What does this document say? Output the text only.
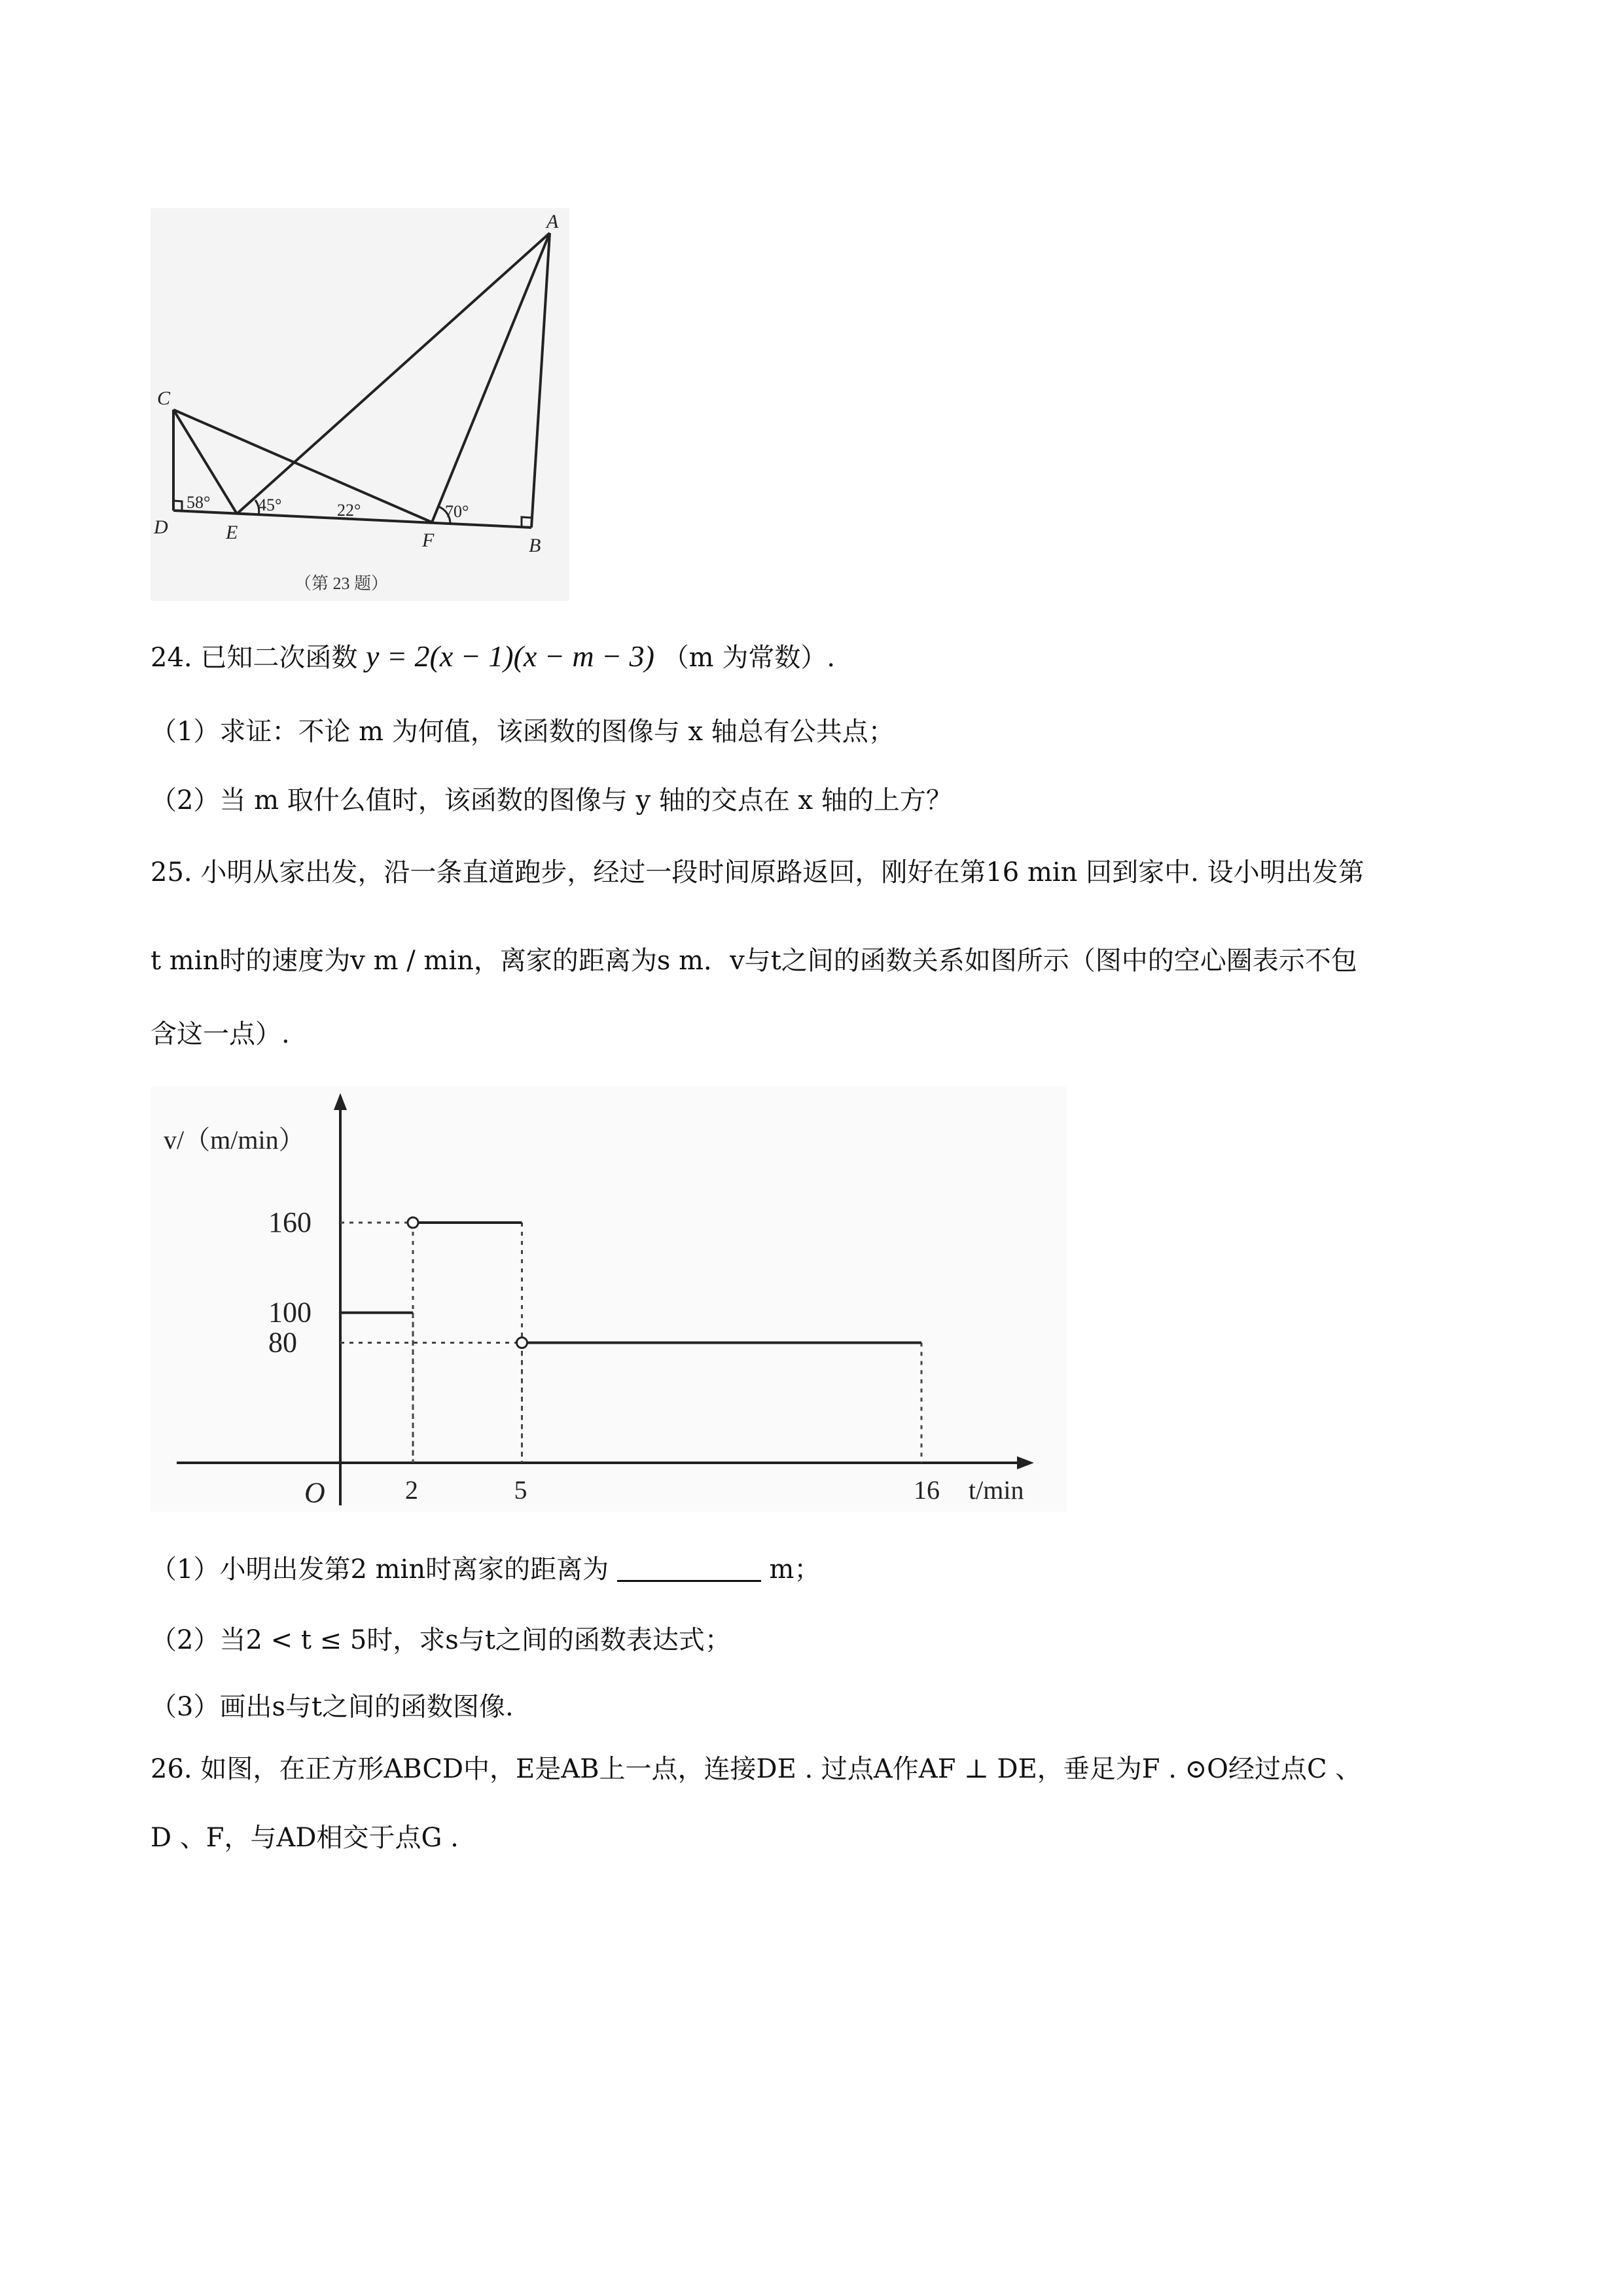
A
C
D	E	F	B
58°	45°	22°	70°
（第 23 题）
24. 已知二次函数 y = 2(x − 1)(x − m − 3) （m 为常数）.
（1）求证：不论 m 为何值，该函数的图像与 x 轴总有公共点；
（2）当 m 取什么值时，该函数的图像与 y 轴的交点在 x 轴的上方？
25. 小明从家出发，沿一条直道跑步，经过一段时间原路返回，刚好在第16 min 回到家中. 设小明出发第
t min时的速度为v m / min，离家的距离为s m．v与t之间的函数关系如图所示（图中的空心圈表示不包
含这一点）.
v/（m/min）
t/min
O	2	5	16
80
100
160
（1）小明出发第2 min时离家的距离为	m；
（2）当2 < t ≤ 5时，求s与t之间的函数表达式；
（3）画出s与t之间的函数图像.
26. 如图，在正方形ABCD中，E是AB上一点，连接DE . 过点A作AF ⊥ DE，垂足为F . ⊙O经过点C 、
D 、F，与AD相交于点G .
